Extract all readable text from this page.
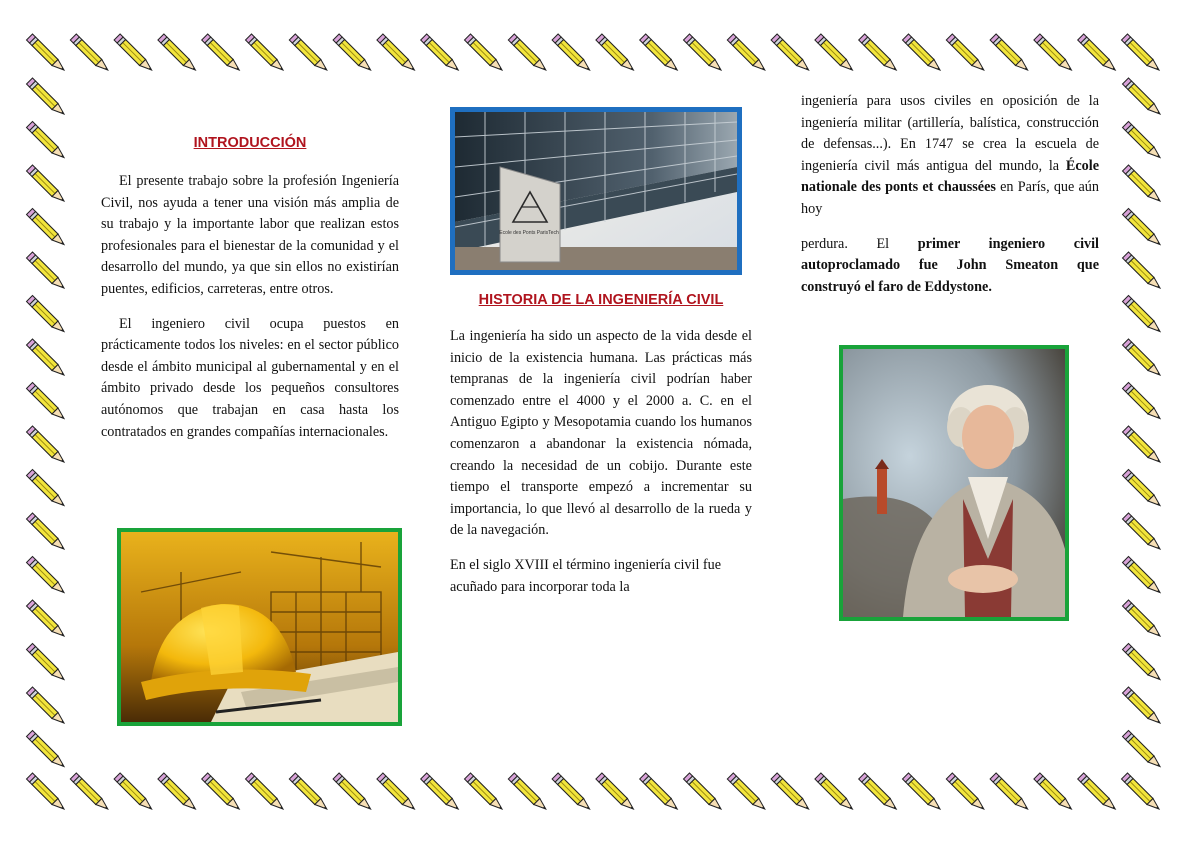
INTRODUCCIÓN

El presente trabajo sobre la profesión Ingeniería Civil, nos ayuda a tener una visión más amplia de su trabajo y la importante labor que realizan estos profesionales para el bienestar de la comunidad y el desarrollo del mundo, ya que sin ellos no existirían puentes, edificios, carreteras, entre otros.

El ingeniero civil ocupa puestos en prácticamente todos los niveles: en el sector público desde el ámbito municipal al gubernamental y en el ámbito privado desde los pequeños consultores autónomos que trabajan en casa hasta los contratados en grandes compañías internacionales.

Ecole des Ponts ParisTech
HISTORIA DE LA INGENIERÍA CIVIL

La ingeniería ha sido un aspecto de la vida desde el inicio de la existencia humana. Las prácticas más tempranas de la ingeniería civil podrían haber comenzado entre el 4000 y el 2000 a. C. en el Antiguo Egipto y Mesopotamia cuando los humanos comenzaron a abandonar la existencia nómada, creando la necesidad de un cobijo. Durante este tiempo el transporte empezó a incrementar su importancia, lo que llevó al desarrollo de la rueda y de la navegación.

En el siglo XVIII el término ingeniería civil fue acuñado para incorporar toda la

ingeniería para usos civiles en oposición de la ingeniería militar (artillería, balística, construcción de defensas...). En 1747 se crea la escuela de ingeniería civil más antigua del mundo, la École nationale des ponts et chaussées en París, que aún hoy

perdura. El primer ingeniero civil autoproclamado fue John Smeaton que construyó el faro de Eddystone.
